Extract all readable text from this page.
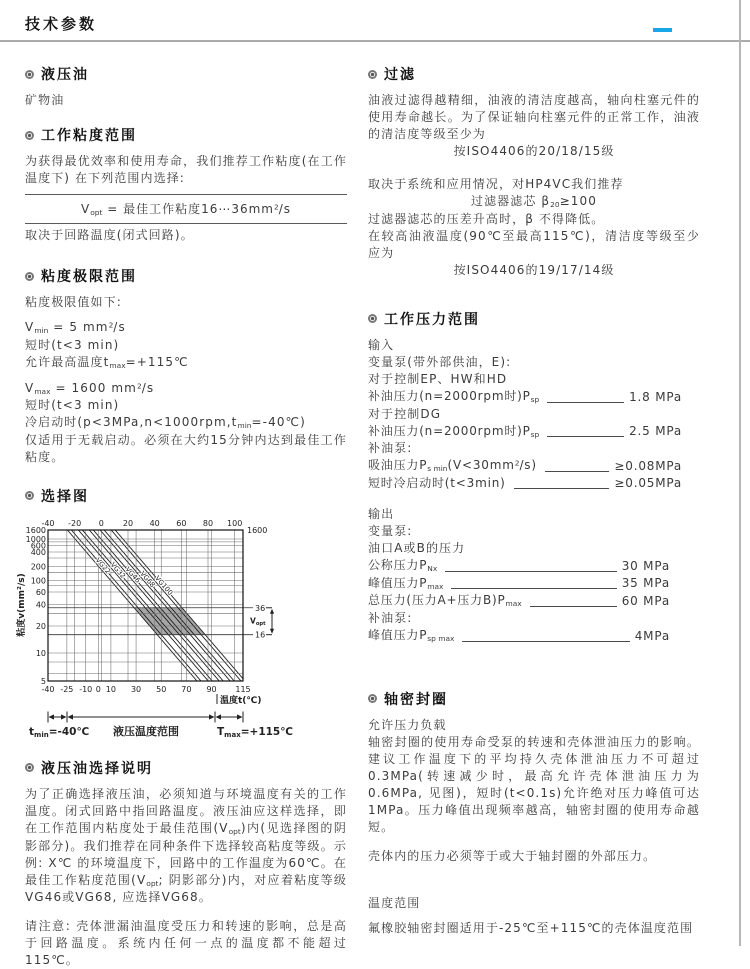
技术参数
液压油
矿物油
工作粘度范围
为获得最优效率和使用寿命，我们推荐工作粘度(在工作温度下) 在下列范围内选择:
$V_{opt}$ = 最佳工作粘度$16\cdots 36mm^2/s$
取决于回路温度(闭式回路)。
粘度极限范围
粘度极限值如下:
$V_{min} = 5$ $mm^2/s$
短时(t<3 min)
允许最高温度$t_{max}=+115℃$
$V_{max} = 1600$ $mm^2/s$
短时(t<3 min)
冷启动时$(p<3MPa,n<1000rpm,t_{min}=-40℃)$
仅适用于无载启动。必须在大约15分钟内达到最佳工作粘度。
选择图
VG22
VG32
VG46
VG68
VG100
-40 -20 0 20 40 60 80 100
-40 -25 -10 0 10 30 50 70 90 115
1600
1000
600
400
200
100
60
40
20
10
5
1600
36
16
$V_{opt}$
粘度v(mm²/s)
温度t(℃)
tmin=-40℃ 液压温度范围	Tmax=+115℃
液压油选择说明
为了正确选择液压油，必须知道与环境温度有关的工作温度。闭式回路中指回路温度。液压油应这样选择，即在工作范围内粘度处于最佳范围$(V_{opt})$内(见选择图的阴影部分)。我们推荐在同种条件下选择较高粘度等级。示例: X℃ 的环境温度下，回路中的工作温度为60℃。在最佳工作粘度范围($V_{opt}$; 阴影部分)内，对应着粘度等级VG46或VG68, 应选择VG68。
请注意: 壳体泄漏油温度受压力和转速的影响，总是高于回路温度。系统内任何一点的温度都不能超过115℃。
过滤
油液过滤得越精细，油液的清洁度越高，轴向柱塞元件的使用寿命越长。为了保证轴向柱塞元件的正常工作，油液的清洁度等级至少为
按ISO4406的20/18/15级
取决于系统和应用情况，对HP4VC我们推荐
过滤器滤芯 $\beta_{20}\ge 100$
过滤器滤芯的压差升高时，β 不得降低。
在较高油液温度(90℃至最高115℃)，清洁度等级至少应为
按ISO4406的19/17/14级
工作压力范围
输入
变量泵(带外部供油，E):
对于控制EP、HW和HD
补油压力(n=2000rpm时)$P_{sp}$	1.8 MPa
对于控制DG
补油压力(n=2000rpm时)$P_{sp}$	2.5 MPa
补油泵:
吸油压力$P_{s min}(V<30mm^2/s)$	≥0.08MPa
短时冷启动时(t<3min)	≥0.05MPa
输出
变量泵:
油口A或B的压力
公称压力$P_{Nx}$	30 MPa
峰值压力$P_{max}$	35 MPa
总压力(压力A+压力$B)P_{max}$	60 MPa
补油泵:
峰值压力$P_{sp max}$	4MPa
轴密封圈
允许压力负载
轴密封圈的使用寿命受泵的转速和壳体泄油压力的影响。建议工作温度下的平均持久壳体泄油压力不可超过0.3MPa(转速减少时，最高允许壳体泄油压力为0.6MPa, 见图)，短时(t<0.1s)允许绝对压力峰值可达1MPa。压力峰值出现频率越高，轴密封圈的使用寿命越短。
壳体内的压力必须等于或大于轴封圈的外部压力。
温度范围
氟橡胶轴密封圈适用于-25℃至+115℃的壳体温度范围
